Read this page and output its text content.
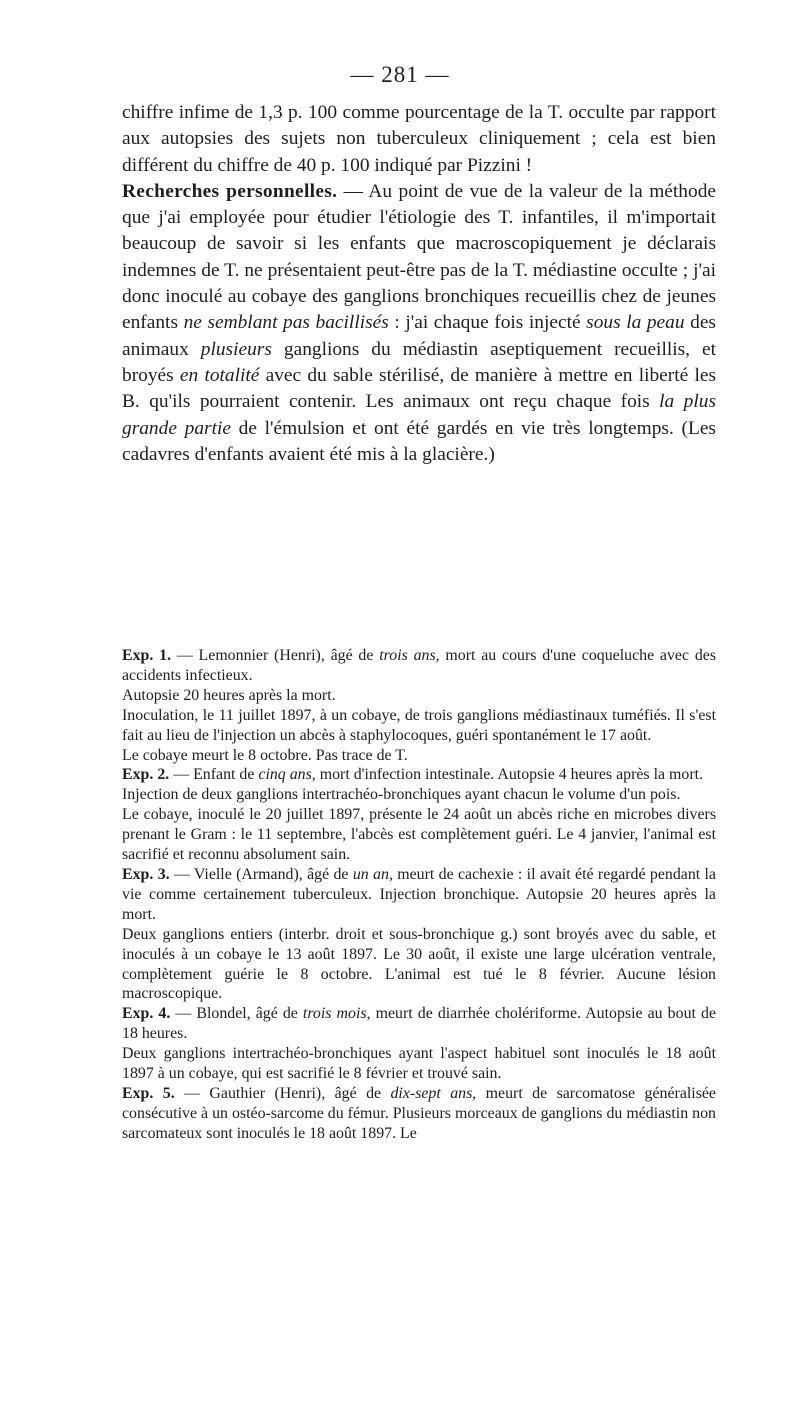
— 281 —

chiffre infime de 1,3 p. 100 comme pourcentage de la T. occulte par rapport aux autopsies des sujets non tuberculeux cliniquement ; cela est bien différent du chiffre de 40 p. 100 indiqué par Pizzini !

Recherches personnelles. — Au point de vue de la valeur de la méthode que j'ai employée pour étudier l'étiologie des T. infantiles, il m'importait beaucoup de savoir si les enfants que macroscopiquement je déclarais indemnes de T. ne présentaient peut-être pas de la T. médiastine occulte ; j'ai donc inoculé au cobaye des ganglions bronchiques recueillis chez de jeunes enfants ne semblant pas bacillisés : j'ai chaque fois injecté sous la peau des animaux plusieurs ganglions du médiastin aseptiquement recueillis, et broyés en totalité avec du sable stérilisé, de manière à mettre en liberté les B. qu'ils pourraient contenir. Les animaux ont reçu chaque fois la plus grande partie de l'émulsion et ont été gardés en vie très longtemps. (Les cadavres d'enfants avaient été mis à la glacière.)

Exp. 1. — Lemonnier (Henri), âgé de trois ans, mort au cours d'une coqueluche avec des accidents infectieux.

Autopsie 20 heures après la mort.

Inoculation, le 11 juillet 1897, à un cobaye, de trois ganglions médiastinaux tuméfiés. Il s'est fait au lieu de l'injection un abcès à staphylocoques, guéri spontanément le 17 août.

Le cobaye meurt le 8 octobre. Pas trace de T.

Exp. 2. — Enfant de cinq ans, mort d'infection intestinale. Autopsie 4 heures après la mort.

Injection de deux ganglions intertrachéo-bronchiques ayant chacun le volume d'un pois.

Le cobaye, inoculé le 20 juillet 1897, présente le 24 août un abcès riche en microbes divers prenant le Gram : le 11 septembre, l'abcès est complètement guéri. Le 4 janvier, l'animal est sacrifié et reconnu absolument sain.

Exp. 3. — Vielle (Armand), âgé de un an, meurt de cachexie : il avait été regardé pendant la vie comme certainement tuberculeux. Injection bronchique. Autopsie 20 heures après la mort.

Deux ganglions entiers (interbr. droit et sous-bronchique g.) sont broyés avec du sable, et inoculés à un cobaye le 13 août 1897. Le 30 août, il existe une large ulcération ventrale, complètement guérie le 8 octobre. L'animal est tué le 8 février. Aucune lésion macroscopique.

Exp. 4. — Blondel, âgé de trois mois, meurt de diarrhée cholériforme. Autopsie au bout de 18 heures.

Deux ganglions intertrachéo-bronchiques ayant l'aspect habituel sont inoculés le 18 août 1897 à un cobaye, qui est sacrifié le 8 février et trouvé sain.

Exp. 5. — Gauthier (Henri), âgé de dix-sept ans, meurt de sarcomatose généralisée consécutive à un ostéo-sarcome du fémur. Plusieurs morceaux de ganglions du médiastin non sarcomateux sont inoculés le 18 août 1897. Le
